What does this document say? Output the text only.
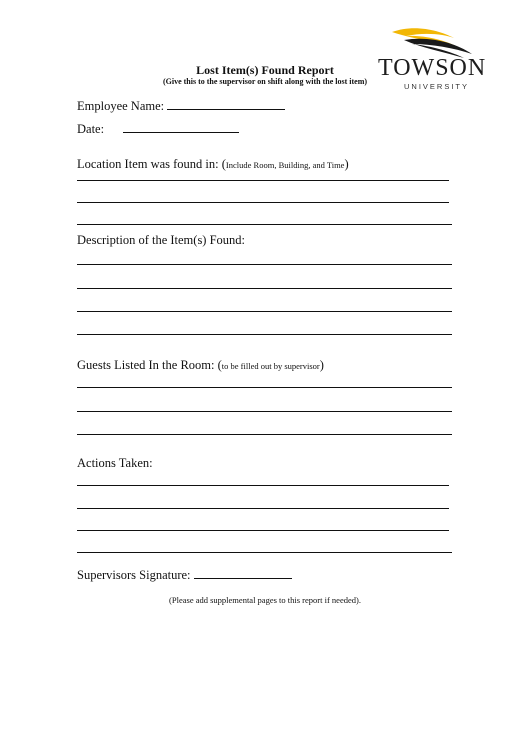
TOWSON
UNIVERSITY
Lost Item(s) Found Report
(Give this to the supervisor on shift along with the lost item)
Employee Name:
Date:
Location Item was found in: (Include Room, Building, and Time)
Description of the Item(s) Found:
Guests Listed In the Room: (to be filled out by supervisor)
Actions Taken:
Supervisors Signature:
(Please add supplemental pages to this report if needed).
